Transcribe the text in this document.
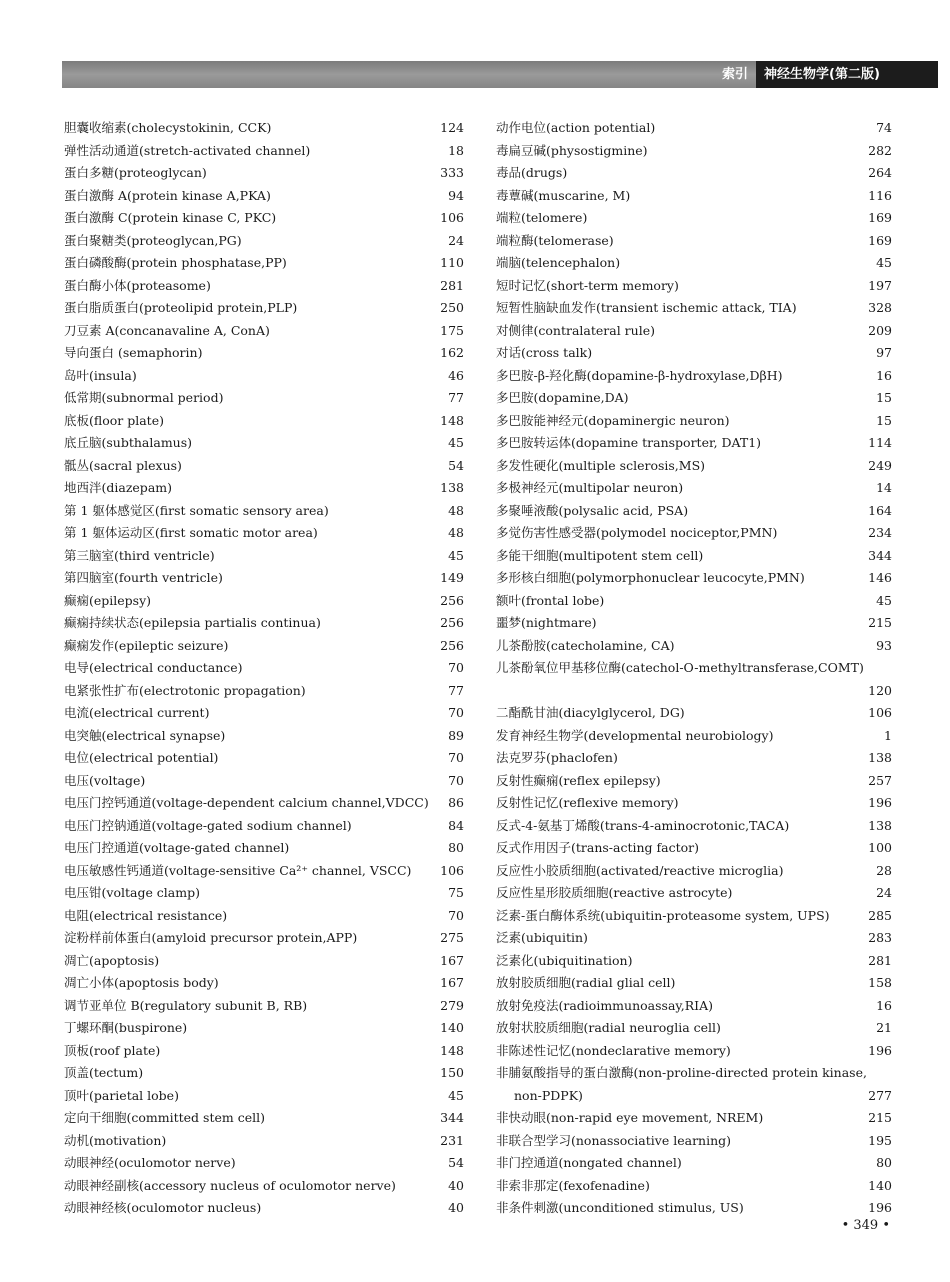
索引	神经生物学(第二版)
胆囊收缩素(cholecystokinin, CCK)	124
弹性活动通道(stretch-activated channel)	18
蛋白多糖(proteoglycan)	333
蛋白激酶 A(protein kinase A,PKA)	94
蛋白激酶 C(protein kinase C, PKC)	106
蛋白聚糖类(proteoglycan,PG)	24
蛋白磷酸酶(protein phosphatase,PP)	110
蛋白酶小体(proteasome)	281
蛋白脂质蛋白(proteolipid protein,PLP)	250
刀豆素 A(concanavaline A, ConA)	175
导向蛋白 (semaphorin)	162
岛叶(insula)	46
低常期(subnormal period)	77
底板(floor plate)	148
底丘脑(subthalamus)	45
骶丛(sacral plexus)	54
地西泮(diazepam)	138
第 1 躯体感觉区(first somatic sensory area)	48
第 1 躯体运动区(first somatic motor area)	48
第三脑室(third ventricle)	45
第四脑室(fourth ventricle)	149
癫痫(epilepsy)	256
癫痫持续状态(epilepsia partialis continua)	256
癫痫发作(epileptic seizure)	256
电导(electrical conductance)	70
电紧张性扩布(electrotonic propagation)	77
电流(electrical current)	70
电突触(electrical synapse)	89
电位(electrical potential)	70
电压(voltage)	70
电压门控钙通道(voltage-dependent calcium channel,VDCC) 86
电压门控钠通道(voltage-gated sodium channel)	84
电压门控通道(voltage-gated channel)	80
电压敏感性钙通道(voltage-sensitive Ca²⁺ channel, VSCC) 106
电压钳(voltage clamp)	75
电阻(electrical resistance)	70
淀粉样前体蛋白(amyloid precursor protein,APP)	275
凋亡(apoptosis)	167
凋亡小体(apoptosis body)	167
调节亚单位 B(regulatory subunit B, RB)	279
丁螺环酮(buspirone)	140
顶板(roof plate)	148
顶盖(tectum)	150
顶叶(parietal lobe)	45
定向干细胞(committed stem cell)	344
动机(motivation)	231
动眼神经(oculomotor nerve)	54
动眼神经副核(accessory nucleus of oculomotor nerve)	40
动眼神经核(oculomotor nucleus)	40
动作电位(action potential)	74
毒扁豆碱(physostigmine)	282
毒品(drugs)	264
毒蕈碱(muscarine, M)	116
端粒(telomere)	169
端粒酶(telomerase)	169
端脑(telencephalon)	45
短时记忆(short-term memory)	197
短暂性脑缺血发作(transient ischemic attack, TIA)	328
对侧律(contralateral rule)	209
对话(cross talk)	97
多巴胺-β-羟化酶(dopamine-β-hydroxylase,DβH)	16
多巴胺(dopamine,DA)	15
多巴胺能神经元(dopaminergic neuron)	15
多巴胺转运体(dopamine transporter, DAT1)	114
多发性硬化(multiple sclerosis,MS)	249
多极神经元(multipolar neuron)	14
多聚唾液酸(polysalic acid, PSA)	164
多觉伤害性感受器(polymodel nociceptor,PMN)	234
多能干细胞(multipotent stem cell)	344
多形核白细胞(polymorphonuclear leucocyte,PMN)	146
额叶(frontal lobe)	45
噩梦(nightmare)	215
儿茶酚胺(catecholamine, CA)	93
儿茶酚氧位甲基移位酶(catechol-O-methyltransferase,COMT)
120
二酯酰甘油(diacylglycerol, DG)	106
发育神经生物学(developmental neurobiology)	1
法克罗芬(phaclofen)	138
反射性癫痫(reflex epilepsy)	257
反射性记忆(reflexive memory)	196
反式-4-氨基丁烯酸(trans-4-aminocrotonic,TACA)	138
反式作用因子(trans-acting factor)	100
反应性小胶质细胞(activated/reactive microglia)	28
反应性星形胶质细胞(reactive astrocyte)	24
泛素-蛋白酶体系统(ubiquitin-proteasome system, UPS)	285
泛素(ubiquitin)	283
泛素化(ubiquitination)	281
放射胶质细胞(radial glial cell)	158
放射免疫法(radioimmunoassay,RIA)	16
放射状胶质细胞(radial neuroglia cell)	21
非陈述性记忆(nondeclarative memory)	196
非脯氨酸指导的蛋白激酶(non-proline-directed protein kinase,
non-PDPK)	277
非快动眼(non-rapid eye movement, NREM)	215
非联合型学习(nonassociative learning)	195
非门控通道(nongated channel)	80
非索非那定(fexofenadine)	140
非条件刺激(unconditioned stimulus, US)	196
• 349 •
